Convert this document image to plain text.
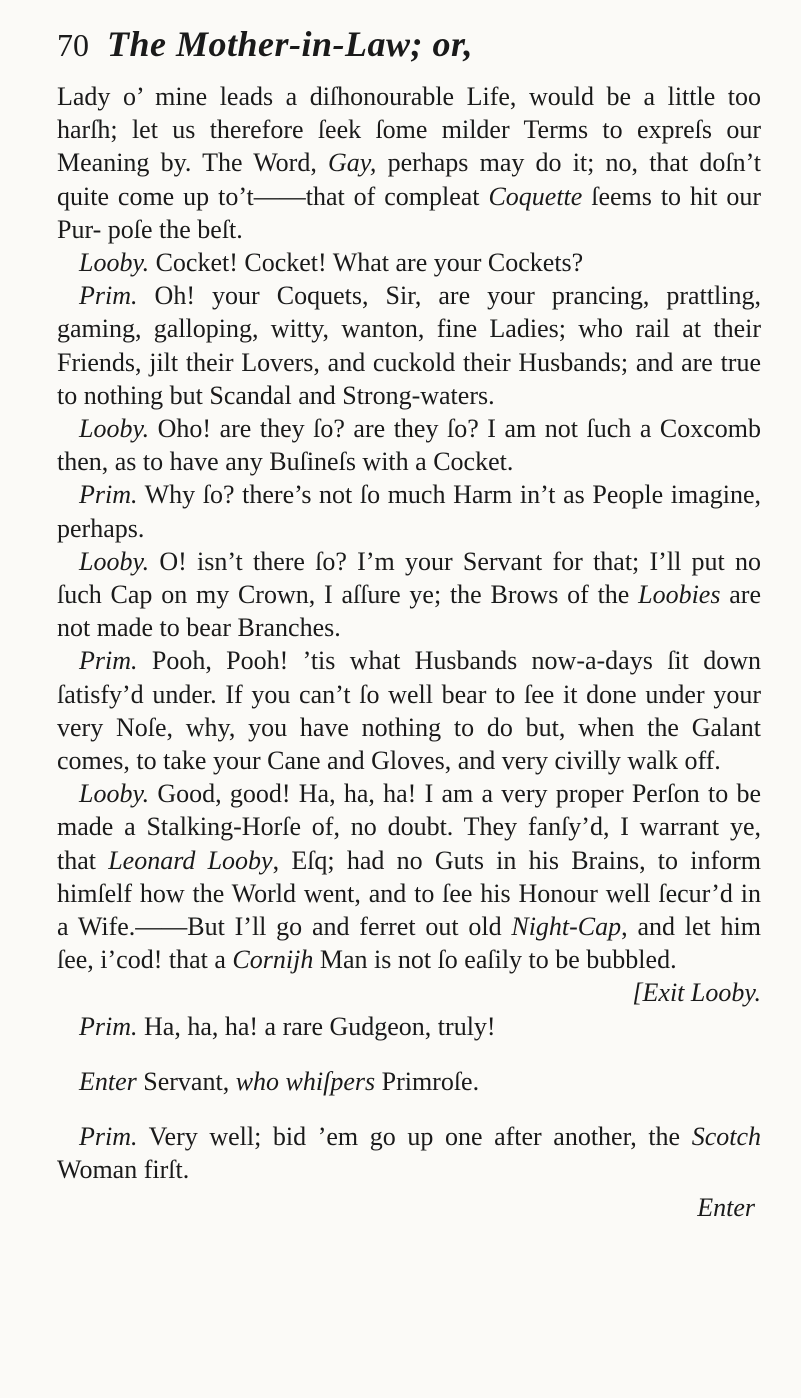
70 The Mother-in-Law; or,

Lady o’ mine leads a diſhonourable Life, would be a little too harſh; let us therefore ſeek ſome milder Terms to expreſs our Meaning by. The Word, Gay, perhaps may do it; no, that doſn’t quite come up to’t——that of compleat Coquette ſeems to hit our Pur- poſe the beſt.

Looby. Cocket! Cocket! What are your Cockets?

Prim. Oh! your Coquets, Sir, are your prancing, prattling, gaming, galloping, witty, wanton, fine Ladies; who rail at their Friends, jilt their Lovers, and cuckold their Husbands; and are true to nothing but Scandal and Strong-waters.

Looby. Oho! are they ſo? are they ſo? I am not ſuch a Coxcomb then, as to have any Buſineſs with a Cocket.

Prim. Why ſo? there’s not ſo much Harm in’t as People imagine, perhaps.

Looby. O! isn’t there ſo? I’m your Servant for that; I’ll put no ſuch Cap on my Crown, I aſſure ye; the Brows of the Loobies are not made to bear Branches.

Prim. Pooh, Pooh! ’tis what Husbands now-a-days ſit down ſatisfy’d under. If you can’t ſo well bear to ſee it done under your very Noſe, why, you have nothing to do but, when the Galant comes, to take your Cane and Gloves, and very civilly walk off.

Looby. Good, good! Ha, ha, ha! I am a very proper Perſon to be made a Stalking-Horſe of, no doubt. They fanſy’d, I warrant ye, that Leonard Looby, Eſq; had no Guts in his Brains, to inform himſelf how the World went, and to ſee his Honour well ſecur’d in a Wife.——But I’ll go and ferret out old Night-Cap, and let him ſee, i’cod! that a Cornijh Man is not ſo eaſily to be bubbled.
[Exit Looby.

Prim. Ha, ha, ha! a rare Gudgeon, truly!

Enter Servant, who whiſpers Primroſe.

Prim. Very well; bid ’em go up one after another, the Scotch Woman firſt.

Enter
